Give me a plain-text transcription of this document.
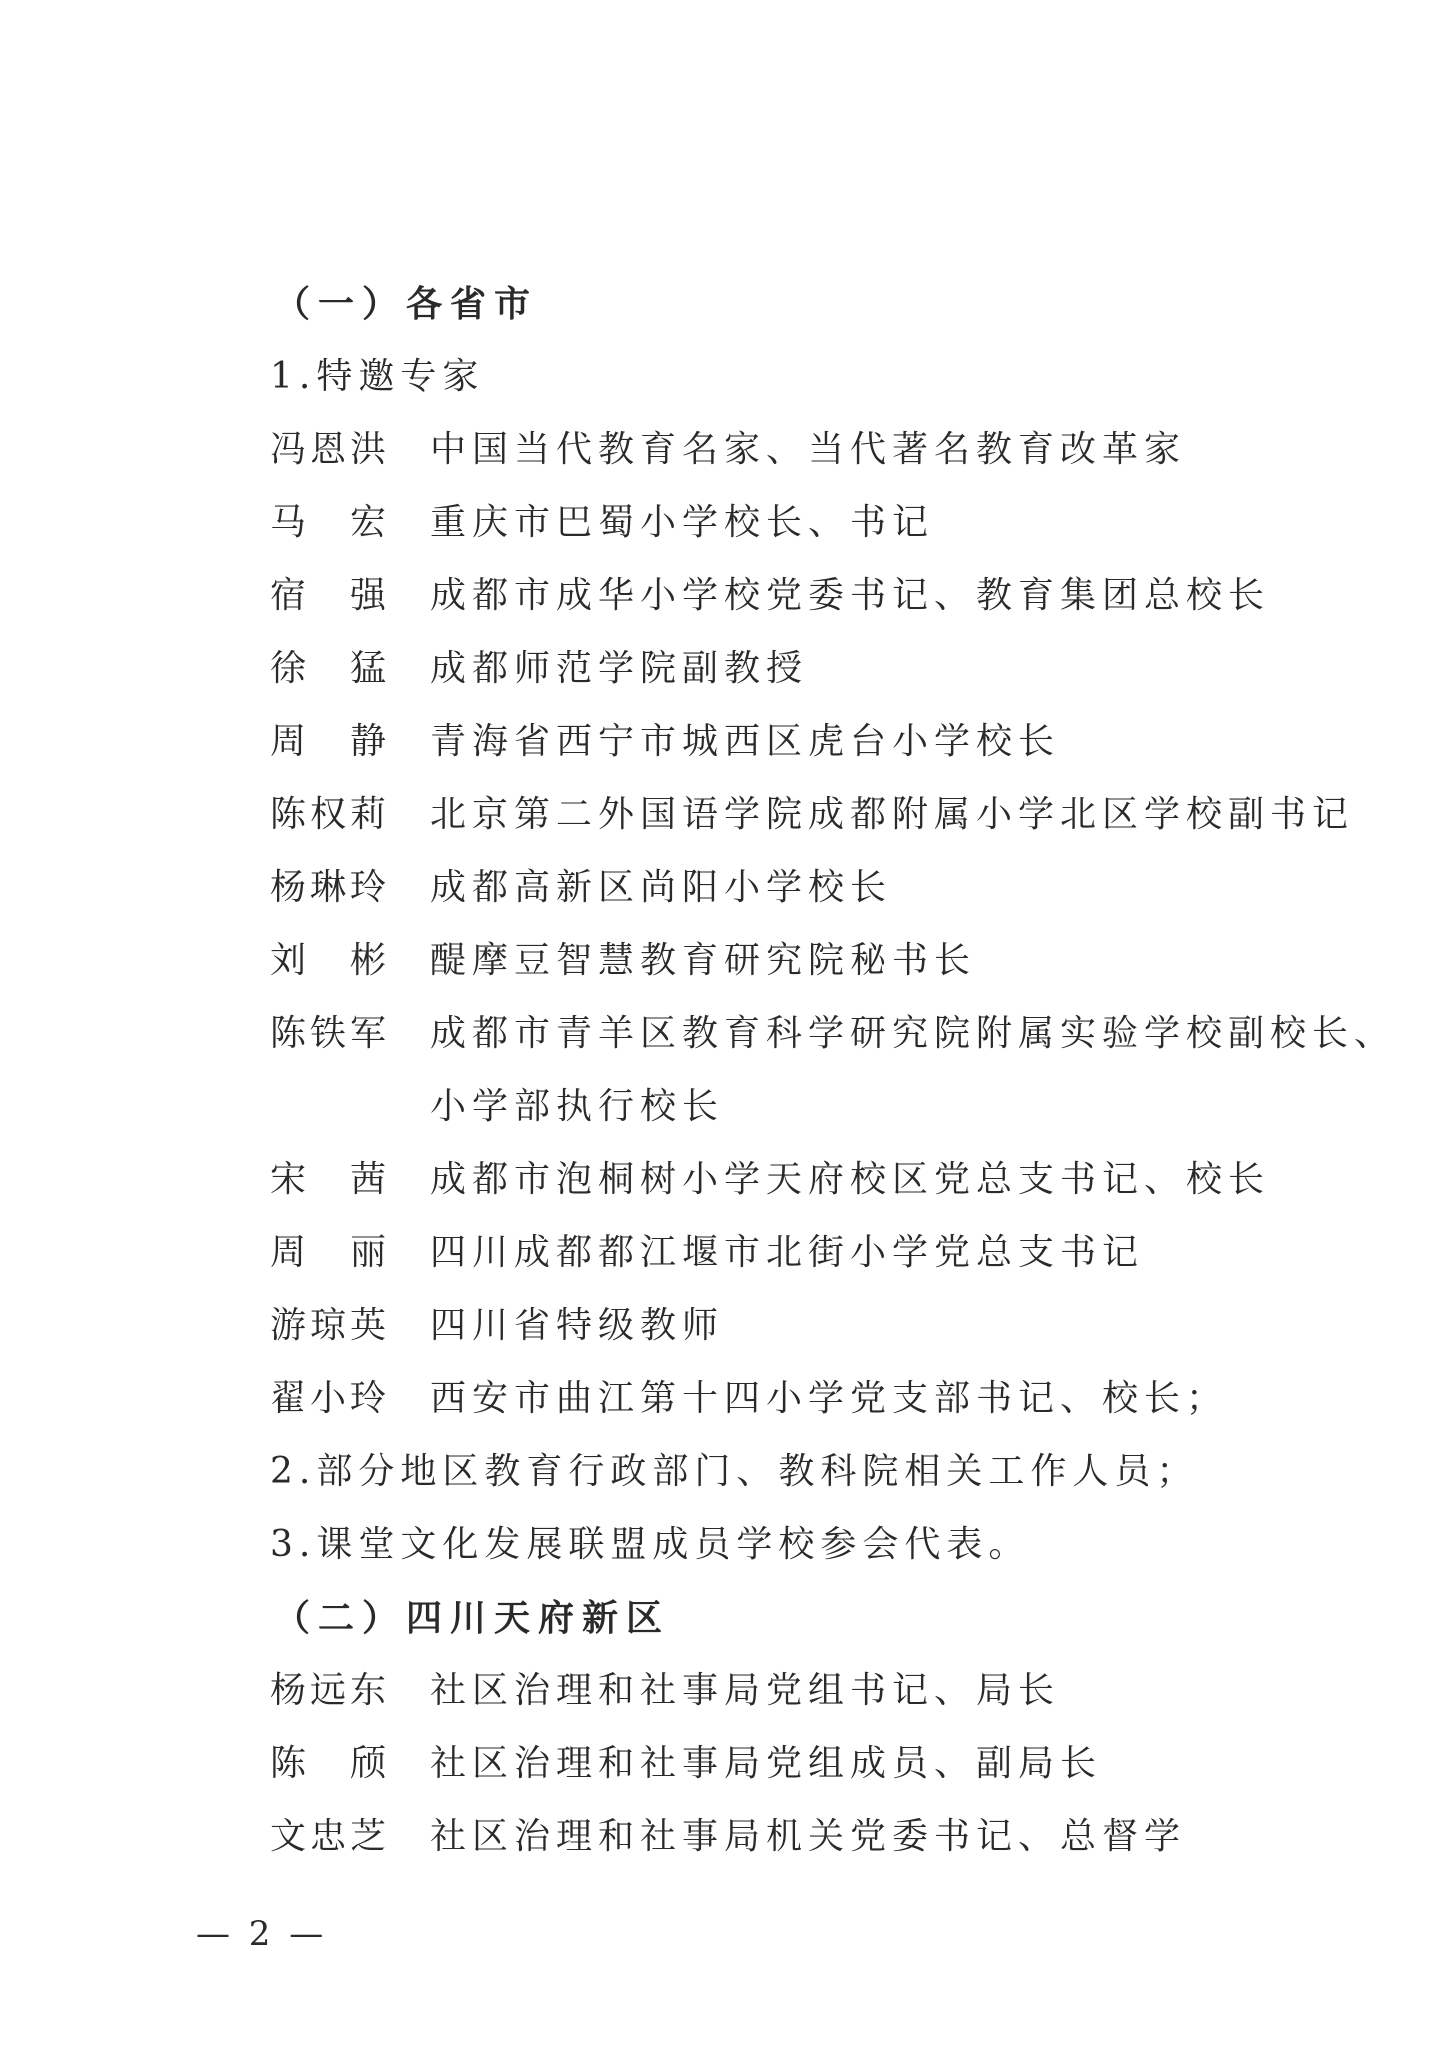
（一）各省市
1.特邀专家
冯恩洪 中国当代教育名家、当代著名教育改革家
马　宏 重庆市巴蜀小学校长、书记
宿　强 成都市成华小学校党委书记、教育集团总校长
徐　猛 成都师范学院副教授
周　静 青海省西宁市城西区虎台小学校长
陈权莉 北京第二外国语学院成都附属小学北区学校副书记
杨琳玲 成都高新区尚阳小学校长
刘　彬 醍摩豆智慧教育研究院秘书长
陈铁军 成都市青羊区教育科学研究院附属实验学校副校长、
小学部执行校长
宋　茜 成都市泡桐树小学天府校区党总支书记、校长
周　丽 四川成都都江堰市北街小学党总支书记
游琼英 四川省特级教师
翟小玲 西安市曲江第十四小学党支部书记、校长；
2.部分地区教育行政部门、教科院相关工作人员；
3.课堂文化发展联盟成员学校参会代表。
（二）四川天府新区
杨远东 社区治理和社事局党组书记、局长
陈　颀 社区治理和社事局党组成员、副局长
文忠芝 社区治理和社事局机关党委书记、总督学
— 2 —
